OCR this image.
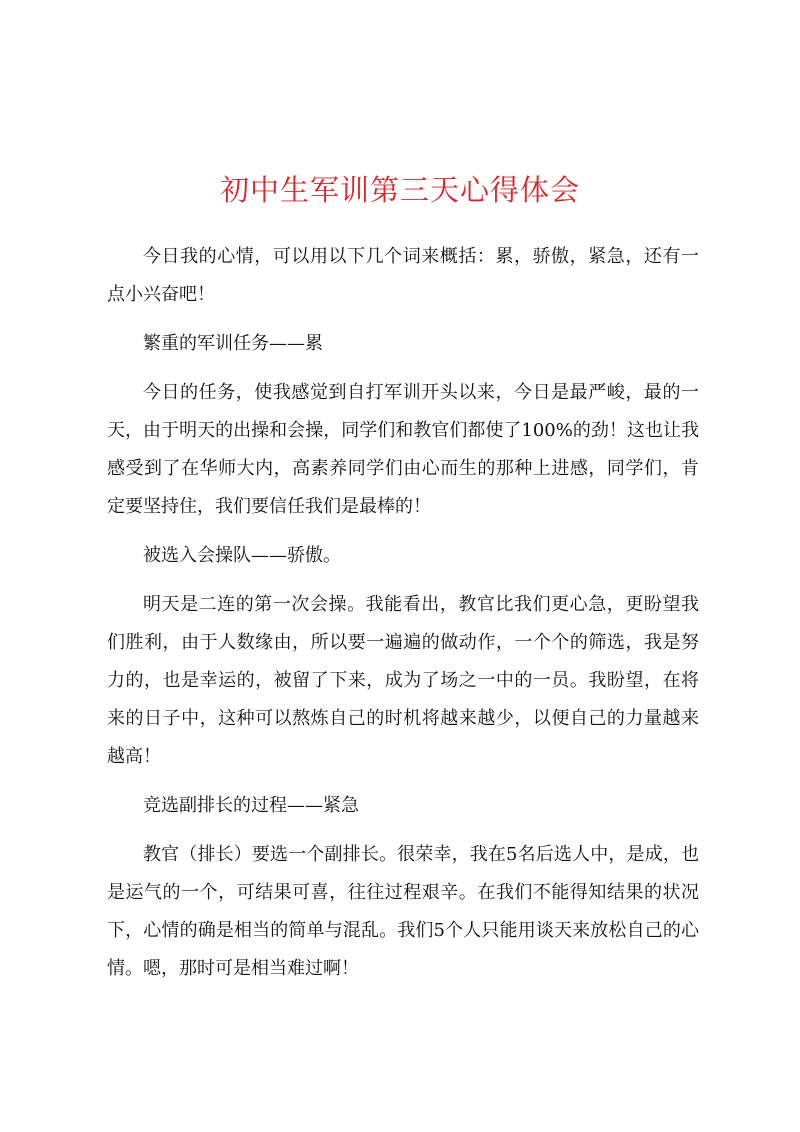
初中生军训第三天心得体会

今日我的心情，可以用以下几个词来概括：累，骄傲，紧急，还有一点小兴奋吧！

繁重的军训任务——累

今日的任务，使我感觉到自打军训开头以来，今日是最严峻，最的一天，由于明天的出操和会操，同学们和教官们都使了100%的劲！这也让我感受到了在华师大内，高素养同学们由心而生的那种上进感，同学们，肯定要坚持住，我们要信任我们是最棒的！

被选入会操队——骄傲。

明天是二连的第一次会操。我能看出，教官比我们更心急，更盼望我们胜利，由于人数缘由，所以要一遍遍的做动作，一个个的筛选，我是努力的，也是幸运的，被留了下来，成为了场之一中的一员。我盼望，在将来的日子中，这种可以熬炼自己的时机将越来越少，以便自己的力量越来越高！

竞选副排长的过程——紧急

教官（排长）要选一个副排长。很荣幸，我在5名后选人中，是成，也是运气的一个，可结果可喜，往往过程艰辛。在我们不能得知结果的状况下，心情的确是相当的简单与混乱。我们5个人只能用谈天来放松自己的心情。嗯，那时可是相当难过啊！
